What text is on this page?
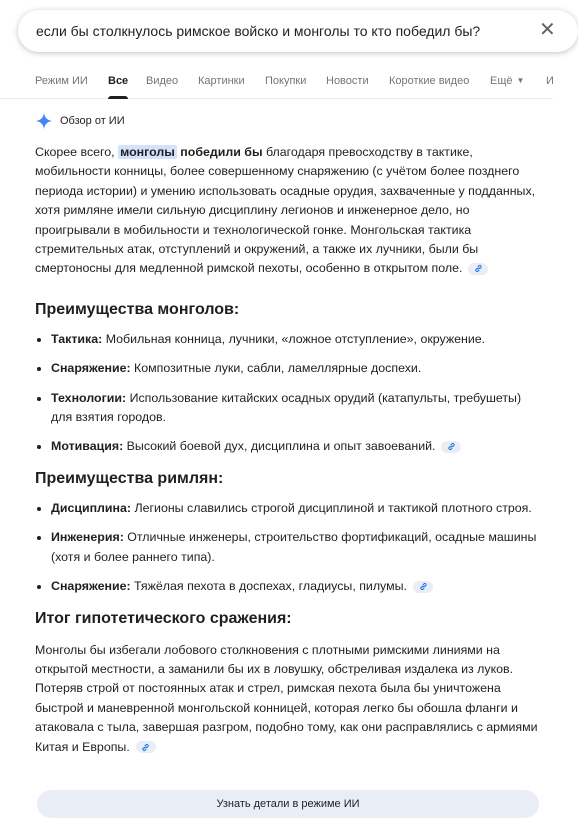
если бы столкнулось римское войско и монголы то кто победил бы?	✕
Режим ИИ Все Видео Картинки Покупки Новости Короткие видео Ещё ▼ И
Обзор от ИИ

Скорее всего, монголы победили бы благодаря превосходству в тактике, мобильности конницы, более совершенному снаряжению (с учётом более позднего периода истории) и умению использовать осадные орудия, захваченные у подданных, хотя римляне имели сильную дисциплину легионов и инженерное дело, но проигрывали в мобильности и технологической гонке. Монгольская тактика стремительных атак, отступлений и окружений, а также их лучники, были бы смертоносны для медленной римской пехоты, особенно в открытом поле.

Преимущества монголов:
• Тактика: Мобильная конница, лучники, «ложное отступление», окружение.
• Снаряжение: Композитные луки, сабли, ламеллярные доспехи.
• Технологии: Использование китайских осадных орудий (катапульты, требушеты) для взятия городов.
• Мотивация: Высокий боевой дух, дисциплина и опыт завоеваний.
Преимущества римлян:
• Дисциплина: Легионы славились строгой дисциплиной и тактикой плотного строя.
• Инженерия: Отличные инженеры, строительство фортификаций, осадные машины (хотя и более раннего типа).
• Снаряжение: Тяжёлая пехота в доспехах, гладиусы, пилумы.
Итог гипотетического сражения:

Монголы бы избегали лобового столкновения с плотными римскими линиями на открытой местности, а заманили бы их в ловушку, обстреливая издалека из луков. Потеряв строй от постоянных атак и стрел, римская пехота была бы уничтожена быстрой и маневренной монгольской конницей, которая легко бы обошла фланги и атаковала с тыла, завершая разгром, подобно тому, как они расправлялись с армиями Китая и Европы.

Узнать детали в режиме ИИ
